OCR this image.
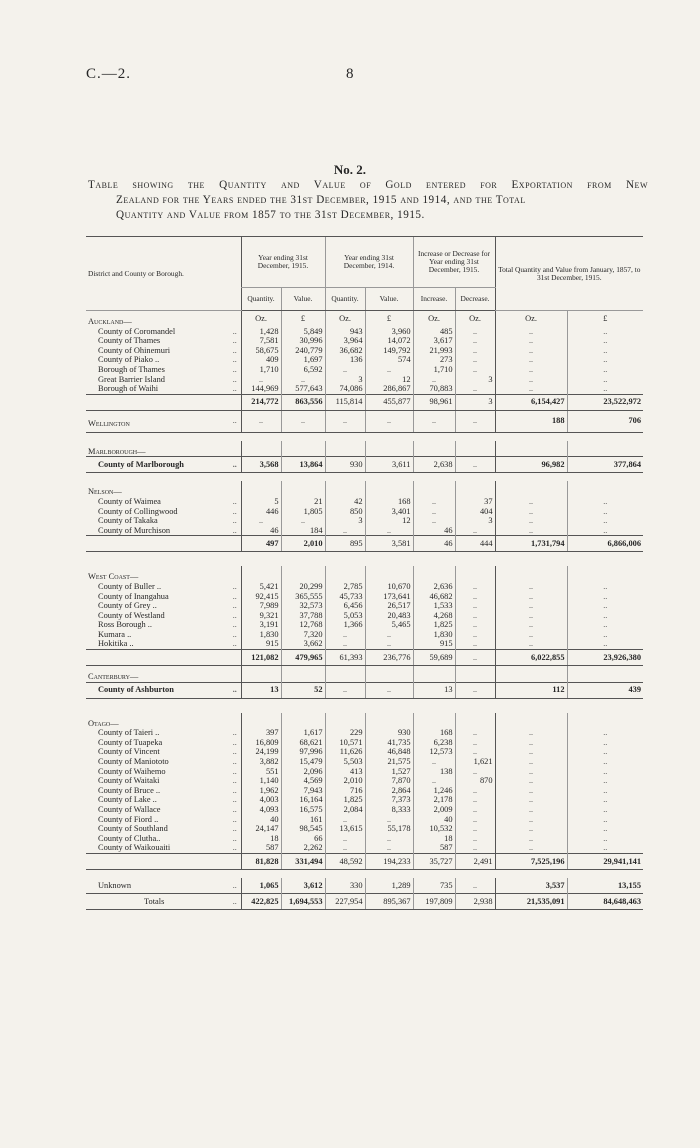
C.—2.	8
No. 2.
Table showing the Quantity and Value of Gold entered for Exportation from New
Zealand for the Years ended the 31st December, 1915 and 1914, and the Total
Quantity and Value from 1857 to the 31st December, 1915.
District and County or Borough.		Year ending 31st December, 1915.		Year ending 31st December, 1914.		Increase or Decrease for Year ending 31st December, 1915.		Total Quantity and Value from January, 1857, to 31st December, 1915.	
		Quantity.	Value.	Quantity.	Value.	Increase.	Decrease.		
Auckland—		Oz.	£	Oz.	£	Oz.	Oz.	Oz.	£
County of Coromandel	..	1,428	5,849	943	3,960	485	..	..	..
County of Thames	..	7,581	30,996	3,964	14,072	3,617	..	..	..
County of Ohinemuri	..	58,675	240,779	36,682	149,792	21,993	..	..	..
County of Piako ..	..	409	1,697	136	574	273	..	..	..
Borough of Thames	..	1,710	6,592	..	..	1,710	..	..	..
Great Barrier Island	..	..	..	3	12	..	3	..	..
Borough of Waihi	..	144,969	577,643	74,086	286,867	70,883	..	..	..
		214,772	863,556	115,814	455,877	98,961	3	6,154,427	23,522,972
Wellington	..	..	..	..	..	..	..	188	706

Marlborough—									
County of Marlborough	..	3,568	13,864	930	3,611	2,638	..	96,982	377,864

Nelson—									
County of Waimea	..	5	21	42	168	..	37	..	..
County of Collingwood	..	446	1,805	850	3,401	..	404	..	..
County of Takaka	..	..	..	3	12	..	3	..	..
County of Murchison	..	46	184	..	..	46	..	..	..
		497	2,010	895	3,581	46	444	1,731,794	6,866,006

West Coast—									
County of Buller ..	..	5,421	20,299	2,785	10,670	2,636	..	..	..
County of Inangahua	..	92,415	365,555	45,733	173,641	46,682	..	..	..
County of Grey ..	..	7,989	32,573	6,456	26,517	1,533	..	..	..
County of Westland	..	9,321	37,788	5,053	20,483	4,268	..	..	..
Ross Borough ..	..	3,191	12,768	1,366	5,465	1,825	..	..	..
Kumara ..	..	1,830	7,320	..	..	1,830	..	..	..
Hokitika ..	..	915	3,662	..	..	915	..	..	..
		121,082	479,965	61,393	236,776	59,689	..	6,022,855	23,926,380
Canterbury—									
County of Ashburton	..	13	52	..	..	13	..	112	439

Otago—									
County of Taieri ..	..	397	1,617	229	930	168	..	..	..
County of Tuapeka	..	16,809	68,621	10,571	41,735	6,238	..	..	..
County of Vincent	..	24,199	97,996	11,626	46,848	12,573	..	..	..
County of Maniototo	..	3,882	15,479	5,503	21,575	..	1,621	..	..
County of Waihemo	..	551	2,096	413	1,527	138	..	..	..
County of Waitaki	..	1,140	4,569	2,010	7,870	..	870	..	..
County of Bruce ..	..	1,962	7,943	716	2,864	1,246	..	..	..
County of Lake ..	..	4,003	16,164	1,825	7,373	2,178	..	..	..
County of Wallace	..	4,093	16,575	2,084	8,333	2,009	..	..	..
County of Fiord ..	..	40	161	..	..	40	..	..	..
County of Southland	..	24,147	98,545	13,615	55,178	10,532	..	..	..
County of Clutha..	..	18	66	..	..	18	..	..	..
County of Waikouaiti	..	587	2,262	..	..	587	..	..	..
		81,828	331,494	48,592	194,233	35,727	2,491	7,525,196	29,941,141

Unknown	..	1,065	3,612	330	1,289	735	..	3,537	13,155
Totals	..	422,825	1,694,553	227,954	895,367	197,809	2,938	21,535,091	84,648,463
